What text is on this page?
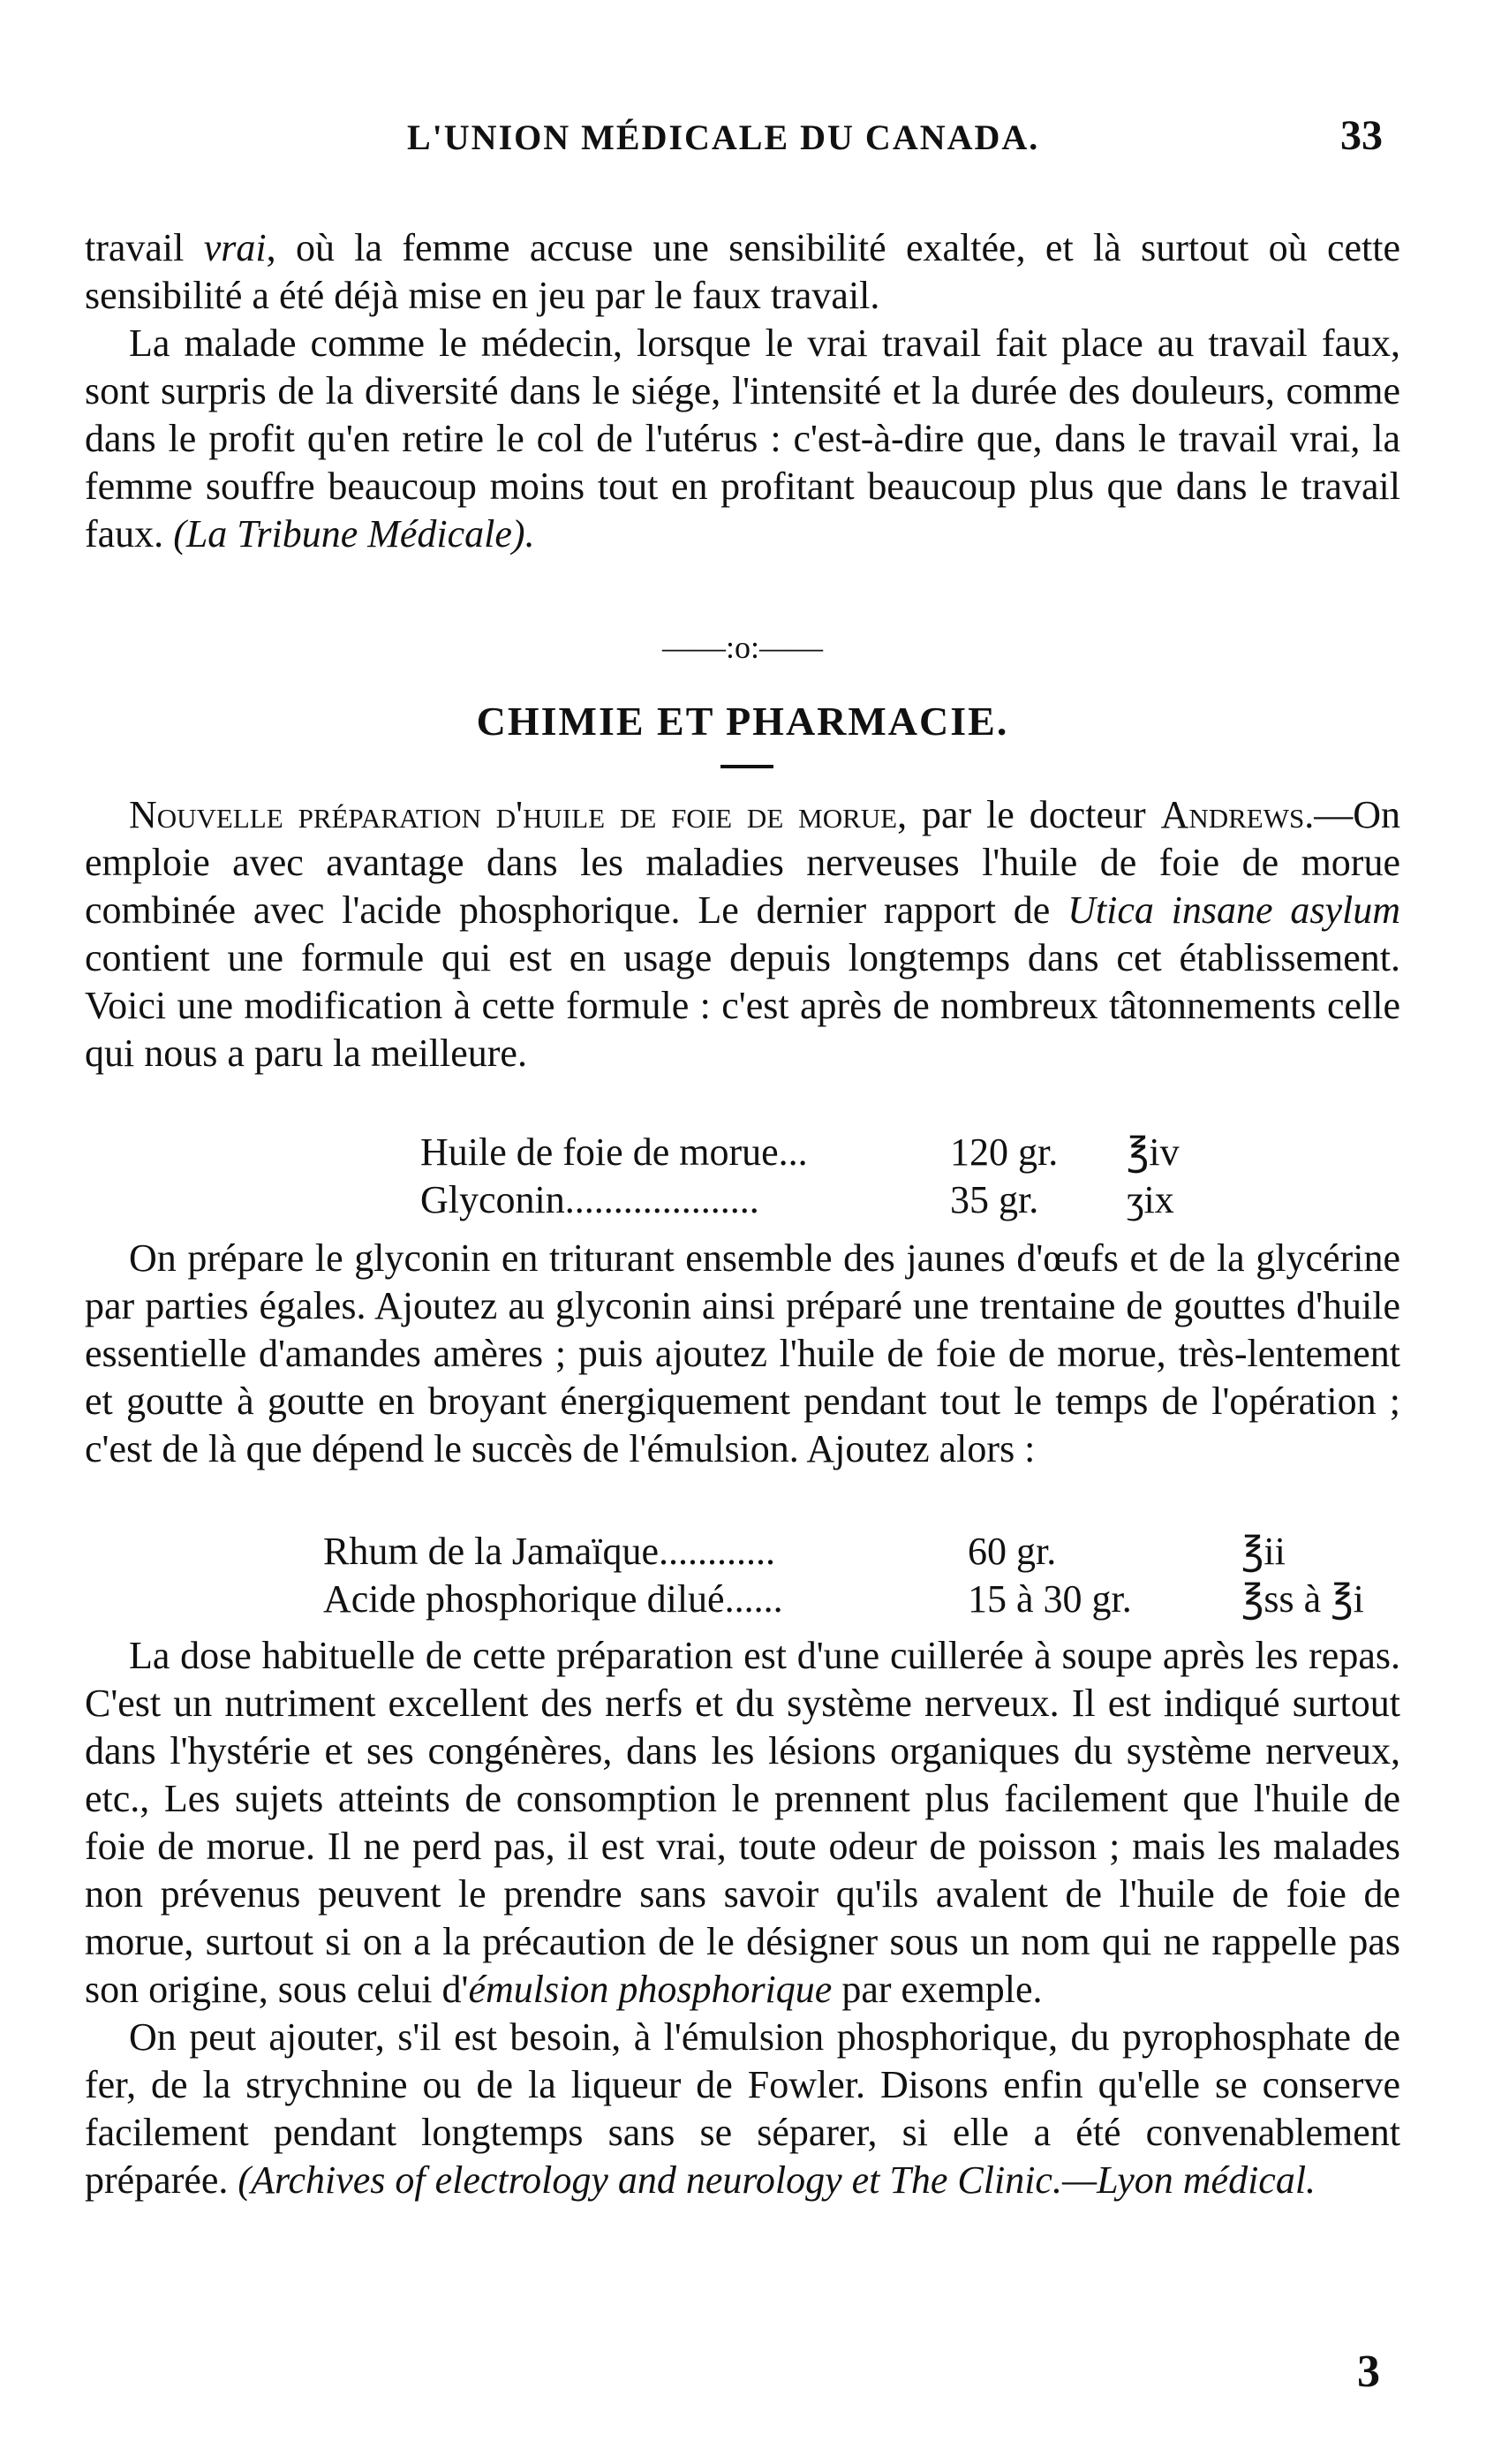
L'UNION MÉDICALE DU CANADA.	33

travail vrai, où la femme accuse une sensibilité exaltée, et là surtout où cette sensibilité a été déjà mise en jeu par le faux travail.

La malade comme le médecin, lorsque le vrai travail fait place au travail faux, sont surpris de la diversité dans le siége, l'intensité et la durée des douleurs, comme dans le profit qu'en retire le col de l'utérus : c'est-à-dire que, dans le travail vrai, la femme souffre beaucoup moins tout en profitant beaucoup plus que dans le travail faux. (La Tribune Médicale).

——:o:——
CHIMIE ET PHARMACIE.

Nouvelle préparation d'huile de foie de morue, par le docteur Andrews.—On emploie avec avantage dans les maladies nerveuses l'huile de foie de morue combinée avec l'acide phosphorique. Le dernier rapport de Utica insane asylum contient une formule qui est en usage depuis longtemps dans cet établissement. Voici une modification à cette formule : c'est après de nombreux tâtonnements celle qui nous a paru la meilleure.

Huile de foie de morue...	120 gr. ℥iv
Glyconin....................	35 gr. ʒix

On prépare le glyconin en triturant ensemble des jaunes d'œufs et de la glycérine par parties égales. Ajoutez au glyconin ainsi préparé une trentaine de gouttes d'huile essentielle d'amandes amères ; puis ajoutez l'huile de foie de morue, très-lentement et goutte à goutte en broyant énergiquement pendant tout le temps de l'opération ; c'est de là que dépend le succès de l'émulsion. Ajoutez alors :

Rhum de la Jamaïque............	60 gr.	℥ii
Acide phosphorique dilué......	15 à 30 gr.	℥ss à ℥i

La dose habituelle de cette préparation est d'une cuillerée à soupe après les repas. C'est un nutriment excellent des nerfs et du système nerveux. Il est indiqué surtout dans l'hystérie et ses congénères, dans les lésions organiques du système nerveux, etc., Les sujets atteints de consomption le prennent plus facilement que l'huile de foie de morue. Il ne perd pas, il est vrai, toute odeur de poisson ; mais les malades non prévenus peuvent le prendre sans savoir qu'ils avalent de l'huile de foie de morue, surtout si on a la précaution de le désigner sous un nom qui ne rappelle pas son origine, sous celui d'émulsion phosphorique par exemple.

On peut ajouter, s'il est besoin, à l'émulsion phosphorique, du pyrophosphate de fer, de la strychnine ou de la liqueur de Fowler. Disons enfin qu'elle se conserve facilement pendant longtemps sans se séparer, si elle a été convenablement préparée. (Archives of electrology and neurology et The Clinic.—Lyon médical.

3
